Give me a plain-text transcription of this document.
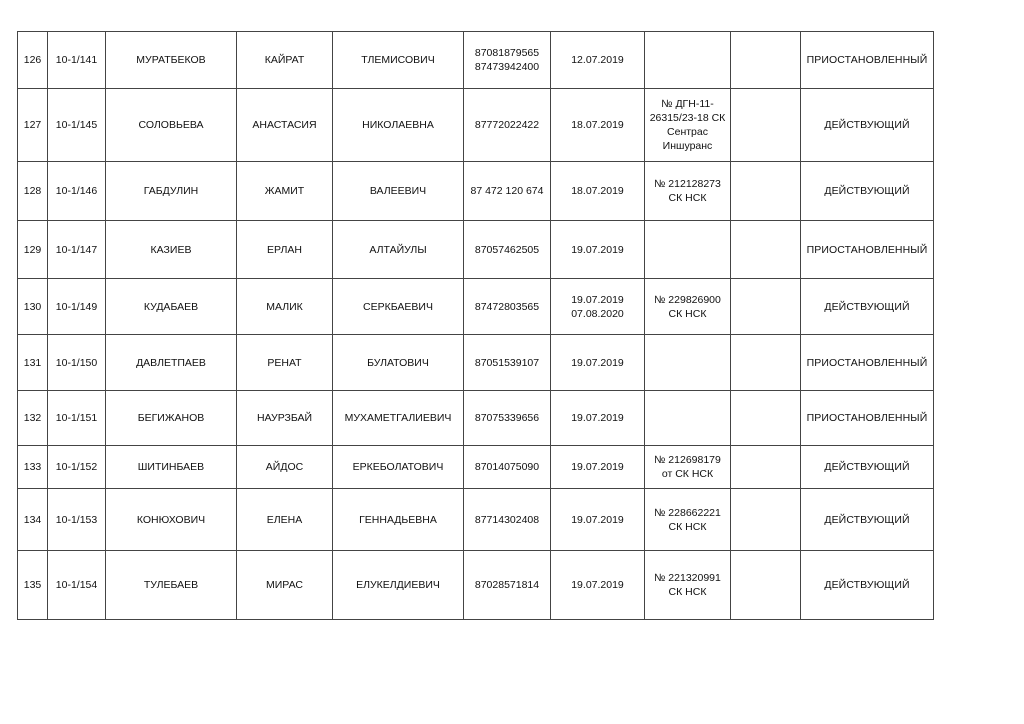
126	10-1/141	МУРАТБЕКОВ	КАЙРАТ	ТЛЕМИСОВИЧ	87081879565
87473942400	12.07.2019			ПРИОСТАНОВЛЕННЫЙ
127	10-1/145	СОЛОВЬЕВА	АНАСТАСИЯ	НИКОЛАЕВНА	87772022422	18.07.2019	№ ДГН-11-
26315/23-18 СК
Сентрас
Иншуранс		ДЕЙСТВУЮЩИЙ
128	10-1/146	ГАБДУЛИН	ЖАМИТ	ВАЛЕЕВИЧ	87 472 120 674	18.07.2019	№ 212128273
СК НСК		ДЕЙСТВУЮЩИЙ
129	10-1/147	КАЗИЕВ	ЕРЛАН	АЛТАЙУЛЫ	87057462505	19.07.2019			ПРИОСТАНОВЛЕННЫЙ
130	10-1/149	КУДАБАЕВ	МАЛИК	СЕРКБАЕВИЧ	87472803565	19.07.2019
07.08.2020	№ 229826900
СК НСК		ДЕЙСТВУЮЩИЙ
131	10-1/150	ДАВЛЕТПАЕВ	РЕНАТ	БУЛАТОВИЧ	87051539107	19.07.2019			ПРИОСТАНОВЛЕННЫЙ
132	10-1/151	БЕГИЖАНОВ	НАУРЗБАЙ	МУХАМЕТГАЛИЕВИЧ	87075339656	19.07.2019			ПРИОСТАНОВЛЕННЫЙ
133	10-1/152	ШИТИНБАЕВ	АЙДОС	ЕРКЕБОЛАТОВИЧ	87014075090	19.07.2019	№ 212698179
от СК НСК		ДЕЙСТВУЮЩИЙ
134	10-1/153	КОНЮХОВИЧ	ЕЛЕНА	ГЕННАДЬЕВНА	87714302408	19.07.2019	№ 228662221
СК НСК		ДЕЙСТВУЮЩИЙ
135	10-1/154	ТУЛЕБАЕВ	МИРАС	ЕЛУКЕЛДИЕВИЧ	87028571814	19.07.2019	№ 221320991
СК НСК		ДЕЙСТВУЮЩИЙ
